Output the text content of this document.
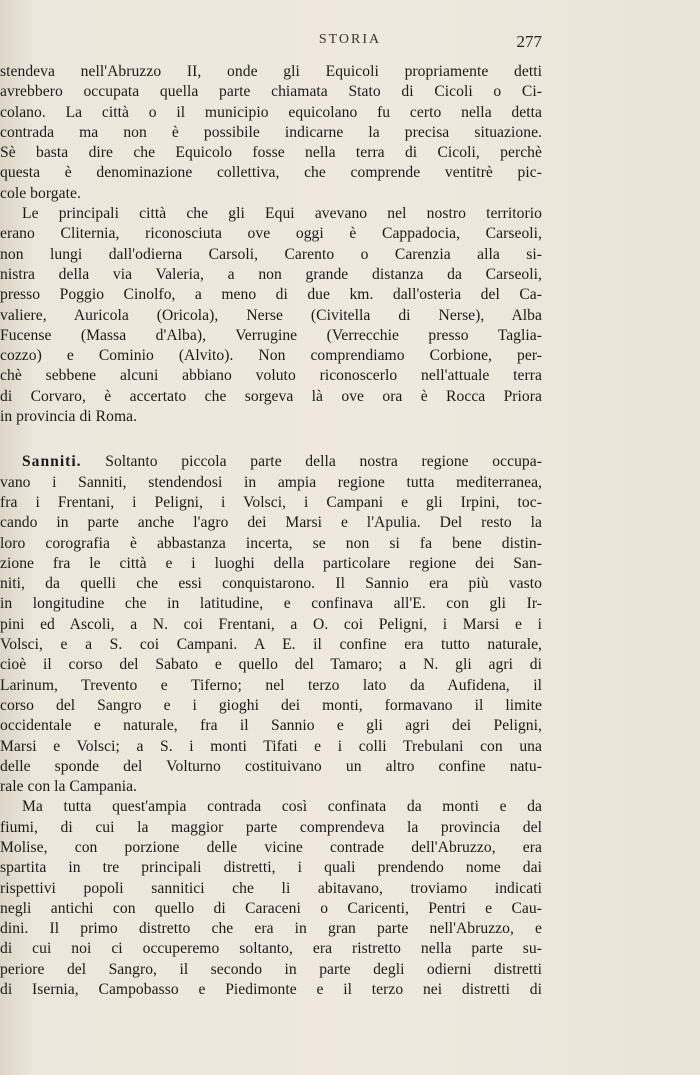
STORIA	277
stendeva nell'Abruzzo II, onde gli Equicoli propriamente detti
avrebbero occupata quella parte chiamata Stato di Cicoli o Ci-
colano. La città o il municipio equicolano fu certo nella detta
contrada ma non è possibile indicarne la precisa situazione.
Sè basta dire che Equicolo fosse nella terra di Cicoli, perchè
questa è denominazione collettiva, che comprende ventitrè pic-
cole borgate.
Le principali città che gli Equi avevano nel nostro territorio
erano Cliternia, riconosciuta ove oggi è Cappadocia, Carseoli,
non lungi dall'odierna Carsoli, Carento o Carenzia alla si-
nistra della via Valeria, a non grande distanza da Carseoli,
presso Poggio Cinolfo, a meno di due km. dall'osteria del Ca-
valiere, Auricola (Oricola), Nerse (Civitella di Nerse), Alba
Fucense (Massa d'Alba), Verrugine (Verrecchie presso Taglia-
cozzo) e Cominio (Alvito). Non comprendiamo Corbione, per-
chè sebbene alcuni abbiano voluto riconoscerlo nell'attuale terra
di Corvaro, è accertato che sorgeva là ove ora è Rocca Priora
in provincia di Roma.
Sanniti. Soltanto piccola parte della nostra regione occupa-
vano i Sanniti, stendendosi in ampia regione tutta mediterranea,
fra i Frentani, i Peligni, i Volsci, i Campani e gli Irpini, toc-
cando in parte anche l'agro dei Marsi e l'Apulia. Del resto la
loro corografia è abbastanza incerta, se non si fa bene distin-
zione fra le città e i luoghi della particolare regione dei San-
niti, da quelli che essi conquistarono. Il Sannio era più vasto
in longitudine che in latitudine, e confinava all'E. con gli Ir-
pini ed Ascoli, a N. coi Frentani, a O. coi Peligni, i Marsi e i
Volsci, e a S. coi Campani. A E. il confine era tutto naturale,
cioè il corso del Sabato e quello del Tamaro; a N. gli agri di
Larinum, Trevento e Tiferno; nel terzo lato da Aufidena, il
corso del Sangro e i gioghi dei monti, formavano il limite
occidentale e naturale, fra il Sannio e gli agri dei Peligni,
Marsi e Volsci; a S. i monti Tifati e i colli Trebulani con una
delle sponde del Volturno costituivano un altro confine natu-
rale con la Campania.
Ma tutta quest'ampia contrada così confinata da monti e da
fiumi, di cui la maggior parte comprendeva la provincia del
Molise, con porzione delle vicine contrade dell'Abruzzo, era
spartita in tre principali distretti, i quali prendendo nome dai
rispettivi popoli sannitici che li abitavano, troviamo indicati
negli antichi con quello di Caraceni o Caricenti, Pentri e Cau-
dini. Il primo distretto che era in gran parte nell'Abruzzo, e
di cui noi ci occuperemo soltanto, era ristretto nella parte su-
periore del Sangro, il secondo in parte degli odierni distretti
di Isernia, Campobasso e Piedimonte e il terzo nei distretti di
